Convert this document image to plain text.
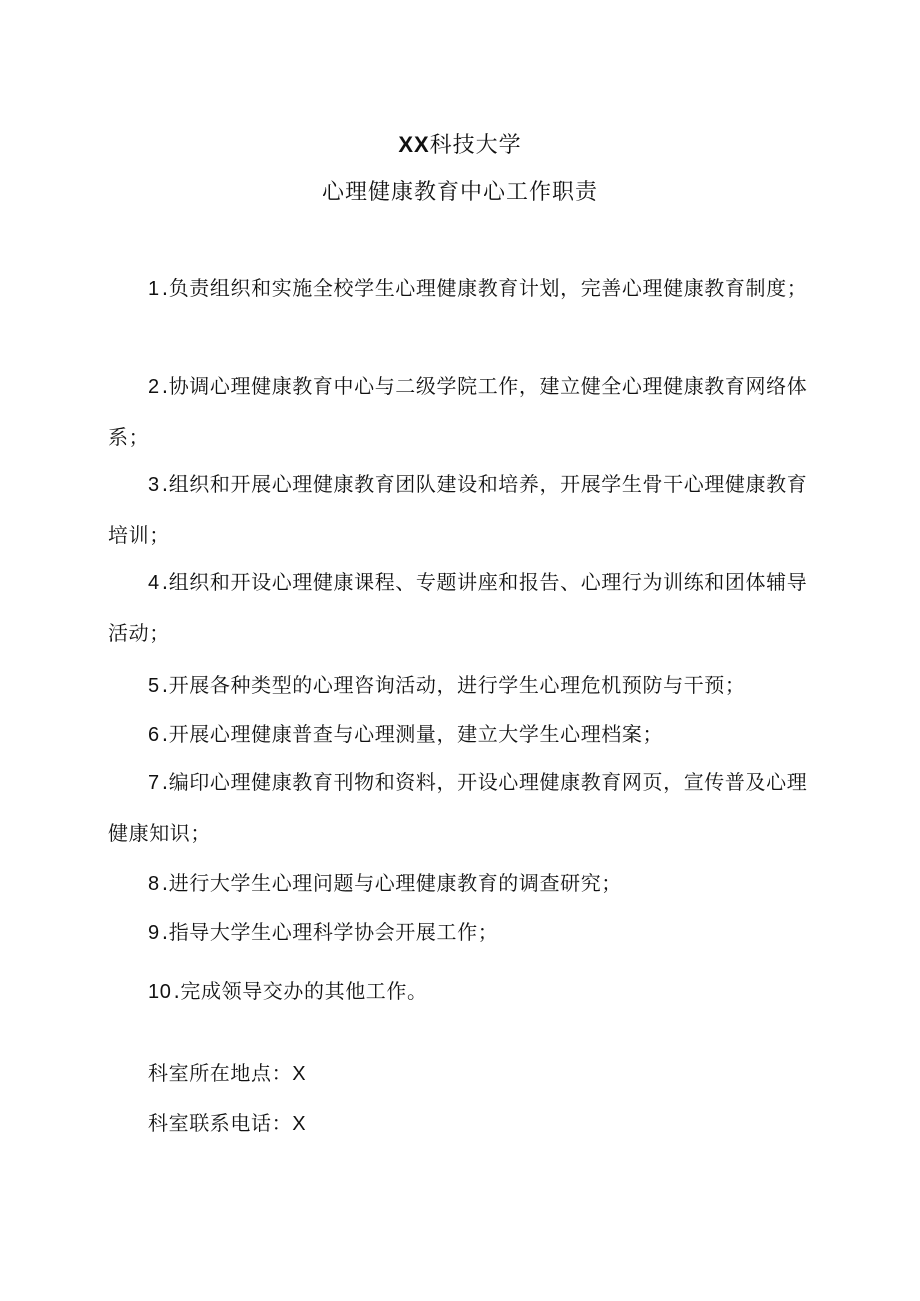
XX科技大学
心理健康教育中心工作职责
1 .负责组织和实施全校学生心理健康教育计划，完善心理健康教育制度；
2 .协调心理健康教育中心与二级学院工作，建立健全心理健康教育网络体系；
3 .组织和开展心理健康教育团队建设和培养，开展学生骨干心理健康教育培训；
4 .组织和开设心理健康课程、专题讲座和报告、心理行为训练和团体辅导活动；
5 .开展各种类型的心理咨询活动，进行学生心理危机预防与干预；
6 .开展心理健康普查与心理测量，建立大学生心理档案；
7 .编印心理健康教育刊物和资料，开设心理健康教育网页，宣传普及心理健康知识；
8 .进行大学生心理问题与心理健康教育的调查研究；
9 .指导大学生心理科学协会开展工作；
10 .完成领导交办的其他工作。
科室所在地点：X
科室联系电话：X
